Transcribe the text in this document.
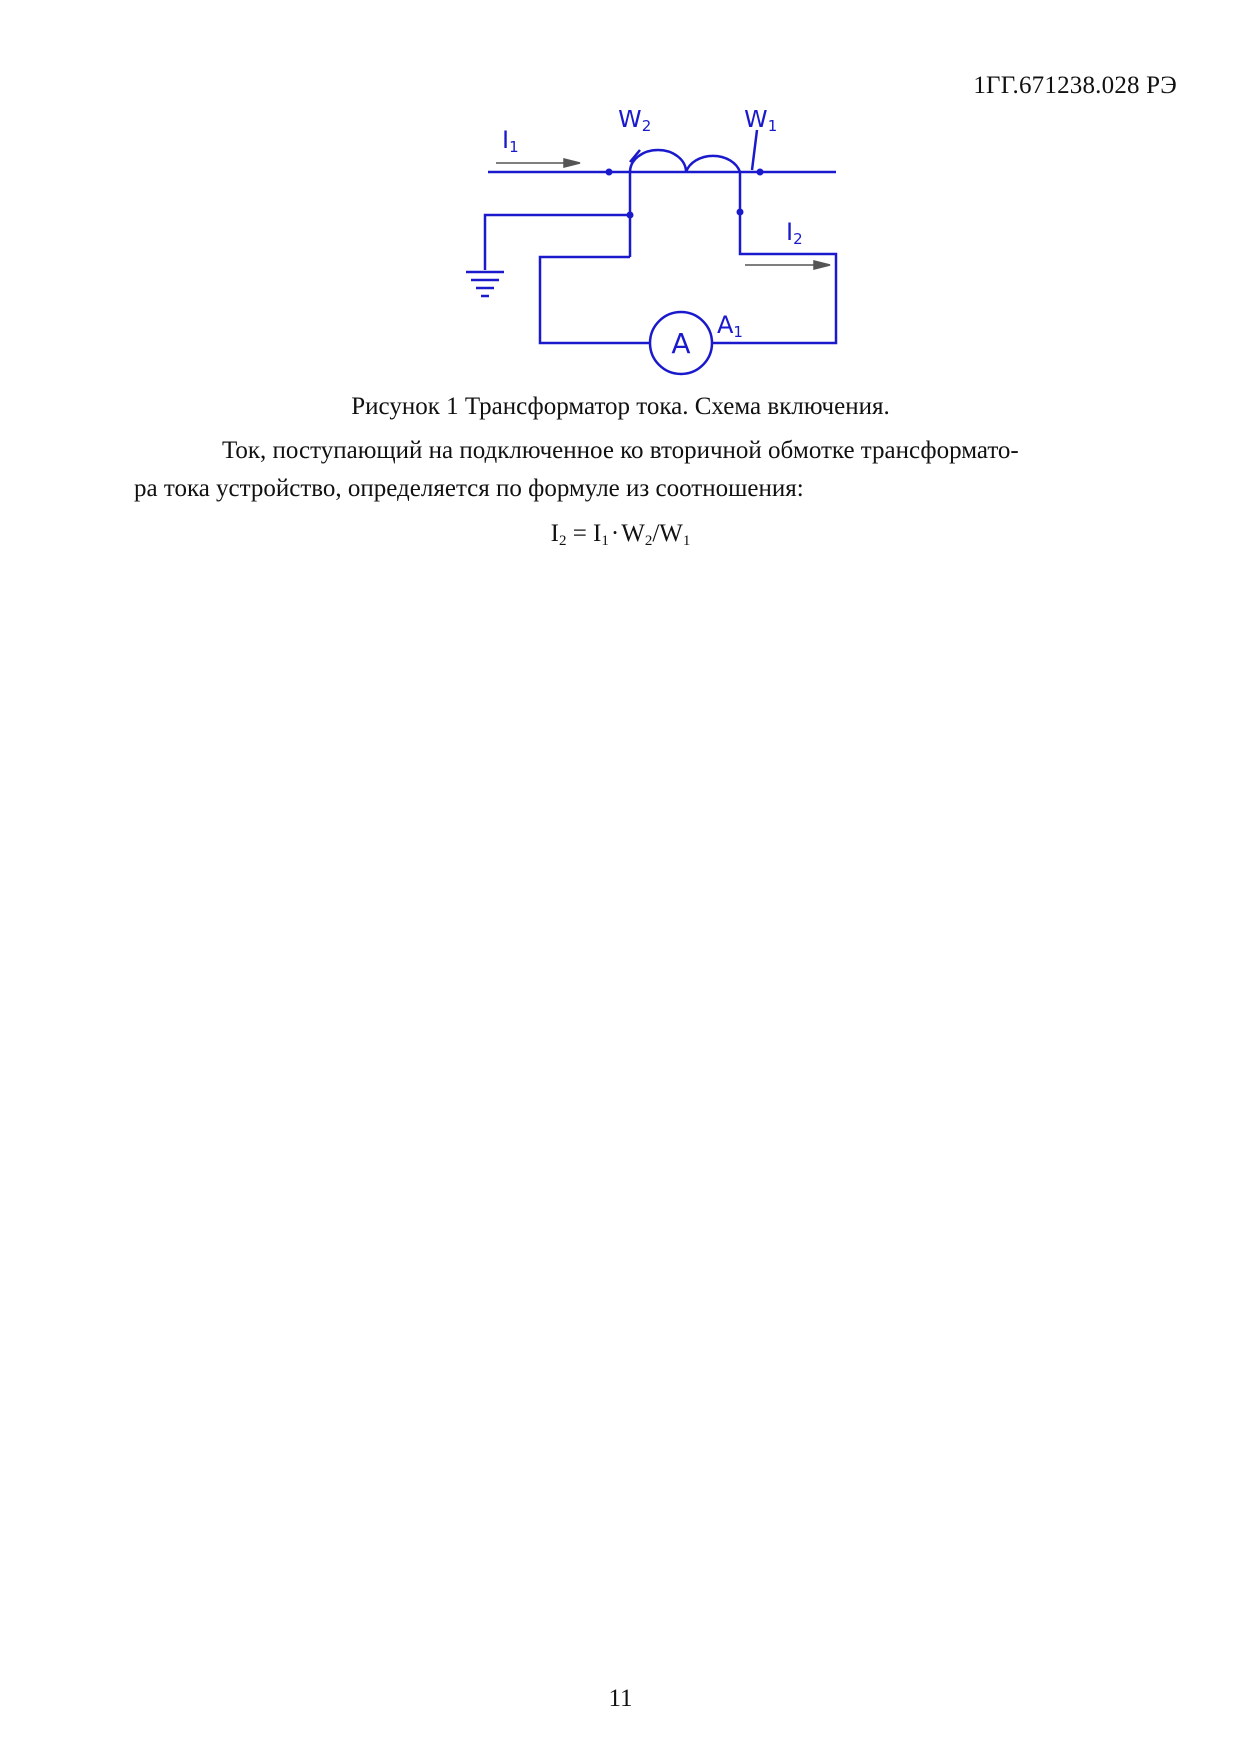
1ГГ.671238.028 РЭ
I1
W2	W1
I2
A1
A
Рисунок 1 Трансформатор тока. Схема включения.
Ток, поступающий на подключенное ко вторичной обмотке трансформато-
ра тока устройство, определяется по формуле из соотношения:
$I_2 = I_1\cdot W_2/W_1$
11
